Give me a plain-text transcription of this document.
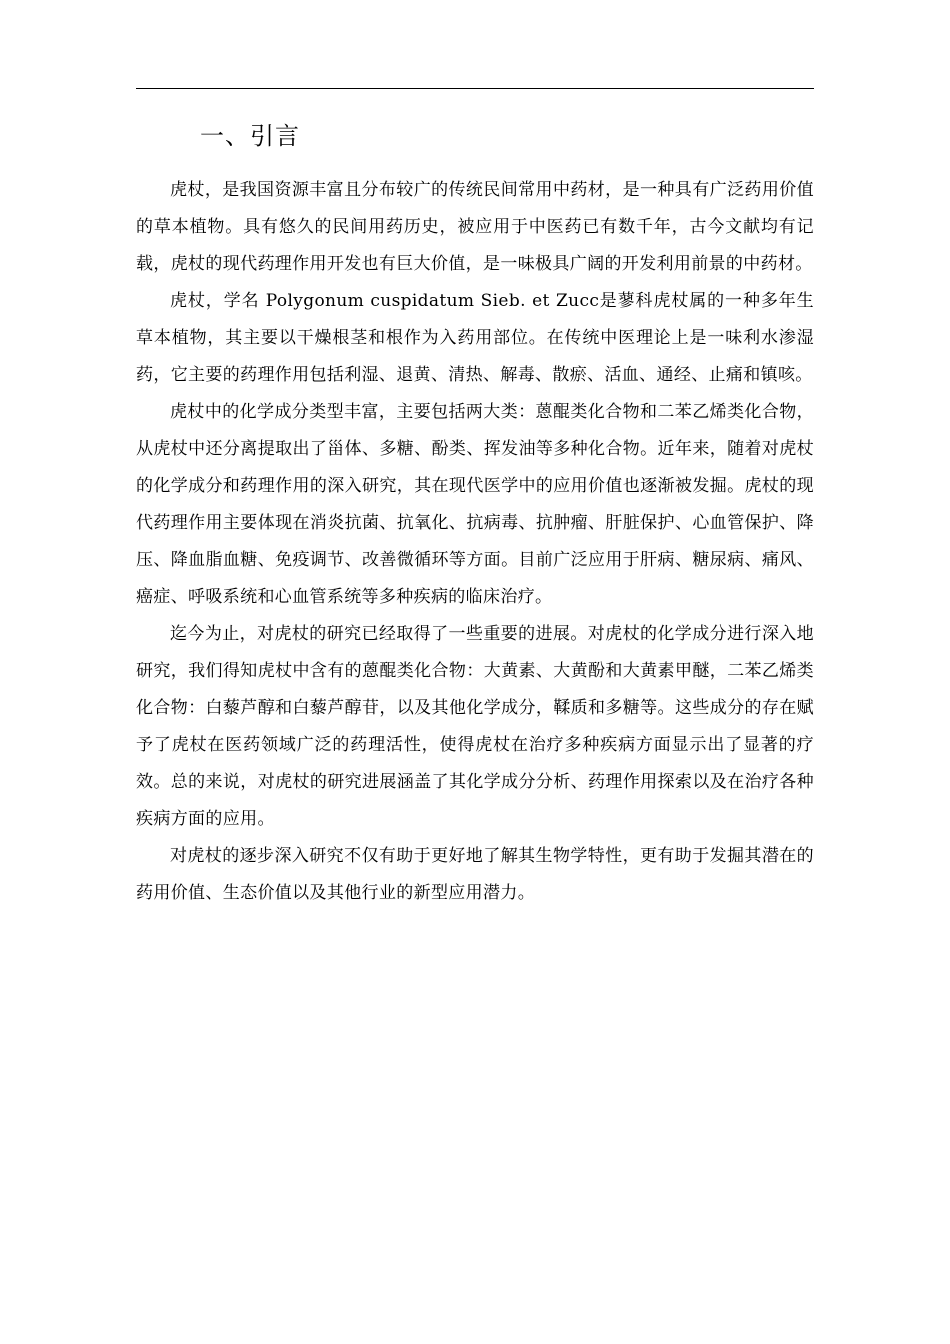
一、引言

虎杖，是我国资源丰富且分布较广的传统民间常用中药材，是一种具有广泛药用价值的草本植物。具有悠久的民间用药历史，被应用于中医药已有数千年，古今文献均有记载，虎杖的现代药理作用开发也有巨大价值，是一味极具广阔的开发利用前景的中药材。

虎杖，学名 Polygonum cuspidatum Sieb. et Zucc是蓼科虎杖属的一种多年生草本植物，其主要以干燥根茎和根作为入药用部位。在传统中医理论上是一味利水渗湿药，它主要的药理作用包括利湿、退黄、清热、解毒、散瘀、活血、通经、止痛和镇咳。

虎杖中的化学成分类型丰富，主要包括两大类：蒽醌类化合物和二苯乙烯类化合物，从虎杖中还分离提取出了甾体、多糖、酚类、挥发油等多种化合物。近年来，随着对虎杖的化学成分和药理作用的深入研究，其在现代医学中的应用价值也逐渐被发掘。虎杖的现代药理作用主要体现在消炎抗菌、抗氧化、抗病毒、抗肿瘤、肝脏保护、心血管保护、降压、降血脂血糖、免疫调节、改善微循环等方面。目前广泛应用于肝病、糖尿病、痛风、癌症、呼吸系统和心血管系统等多种疾病的临床治疗。

迄今为止，对虎杖的研究已经取得了一些重要的进展。对虎杖的化学成分进行深入地研究，我们得知虎杖中含有的蒽醌类化合物：大黄素、大黄酚和大黄素甲醚，二苯乙烯类化合物：白藜芦醇和白藜芦醇苷，以及其他化学成分，鞣质和多糖等。这些成分的存在赋予了虎杖在医药领域广泛的药理活性，使得虎杖在治疗多种疾病方面显示出了显著的疗效。总的来说，对虎杖的研究进展涵盖了其化学成分分析、药理作用探索以及在治疗各种疾病方面的应用。

对虎杖的逐步深入研究不仅有助于更好地了解其生物学特性，更有助于发掘其潜在的药用价值、生态价值以及其他行业的新型应用潜力。
